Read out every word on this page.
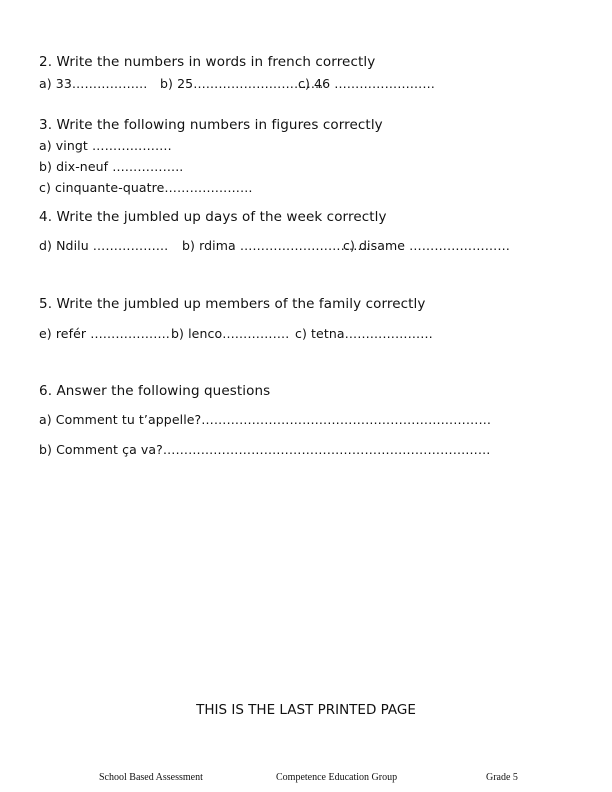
2. Write the numbers in words in french correctly
a) 33……………… b) 25………………………….
c) 46 ……………………
3. Write the following numbers in figures correctly
a) vingt ……………….
b) dix-neuf ……………..
c) cinquante-quatre…………………
4. Write the jumbled up days of the week correctly
d) Ndilu ……………… b) rdima ………………………….
c) disame ……………………
5. Write the jumbled up members of the family correctly
e) refér ………………. b) lenco……………. c) tetna…………………
6. Answer the following questions
a) Comment tu t’appelle?……………………………………………………………
b) Comment ça va?……………………………………………………………………
THIS IS THE LAST PRINTED PAGE
School Based Assessment	Competence Education Group	Grade 5
